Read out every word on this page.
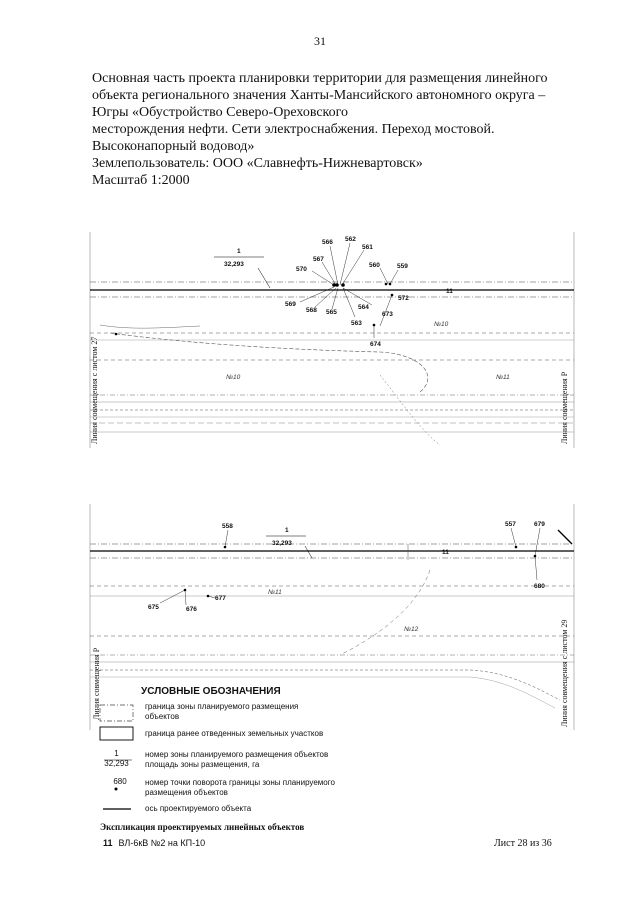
31
Основная часть проекта планировки территории для размещения линейного
объекта регионального значения Ханты-Мансийского автономного округа –
Югры «Обустройство Северо-Ореховского
месторождения нефти. Сети электроснабжения. Переход мостовой.
Высоконапорный водовод»
Землепользователь: ООО «Славнефть-Нижневартовск»
Масштаб 1:2000
11
1
32,293
566 562
561
567
560	559
570
572
569
568 565
564
673
563
674
№10
№10	№11
Линия совмещения с листом 27	Линия совмещения Р
11
1
32,293
558	557	679
680
675	676
677
№11
№12
Линия совмещения Р	Линия совмещения с листом 29
УСЛОВНЫЕ ОБОЗНАЧЕНИЯ
граница зоны планируемого размещения
объектов
граница ранее отведенных земельных участков
1
32,293
номер зоны планируемого размещения объектов
площадь зоны размещения, га
680	номер точки поворота границы зоны планируемого
размещения объектов
ось проектируемого объекта
Экспликация проектируемых линейных объектов
11 ВЛ-6кВ №2 на КП-10	Лист 28 из 36
